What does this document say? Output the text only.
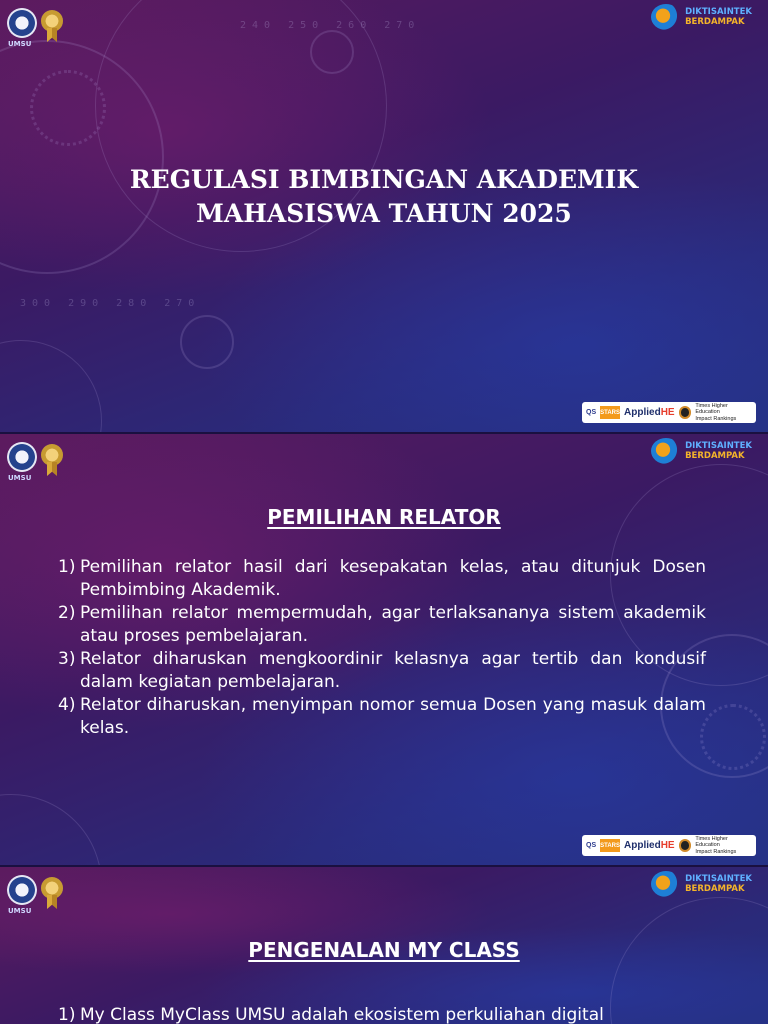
240 250 260 270
300 290 280 270
UMSU
DIKTISAINTEK
BERDAMPAK
REGULASI BIMBINGAN AKADEMIK
MAHASISWA TAHUN 2025
QS STARS AppliedHE
Times Higher Education
Impact Rankings
UMSU
DIKTISAINTEK
BERDAMPAK
PEMILIHAN RELATOR
1) Pemilihan relator hasil dari kesepakatan kelas, atau ditunjuk Dosen Pembimbing Akademik.
2) Pemilihan relator mempermudah, agar terlaksananya sistem akademik atau proses pembelajaran.
3) Relator diharuskan mengkoordinir kelasnya agar tertib dan kondusif dalam kegiatan pembelajaran.
4) Relator diharuskan, menyimpan nomor semua Dosen yang masuk dalam kelas.
QS STARS AppliedHE
Times Higher Education
Impact Rankings
UMSU
DIKTISAINTEK
BERDAMPAK
PENGENALAN MY CLASS
1) My Class MyClass UMSU adalah ekosistem perkuliahan digital
